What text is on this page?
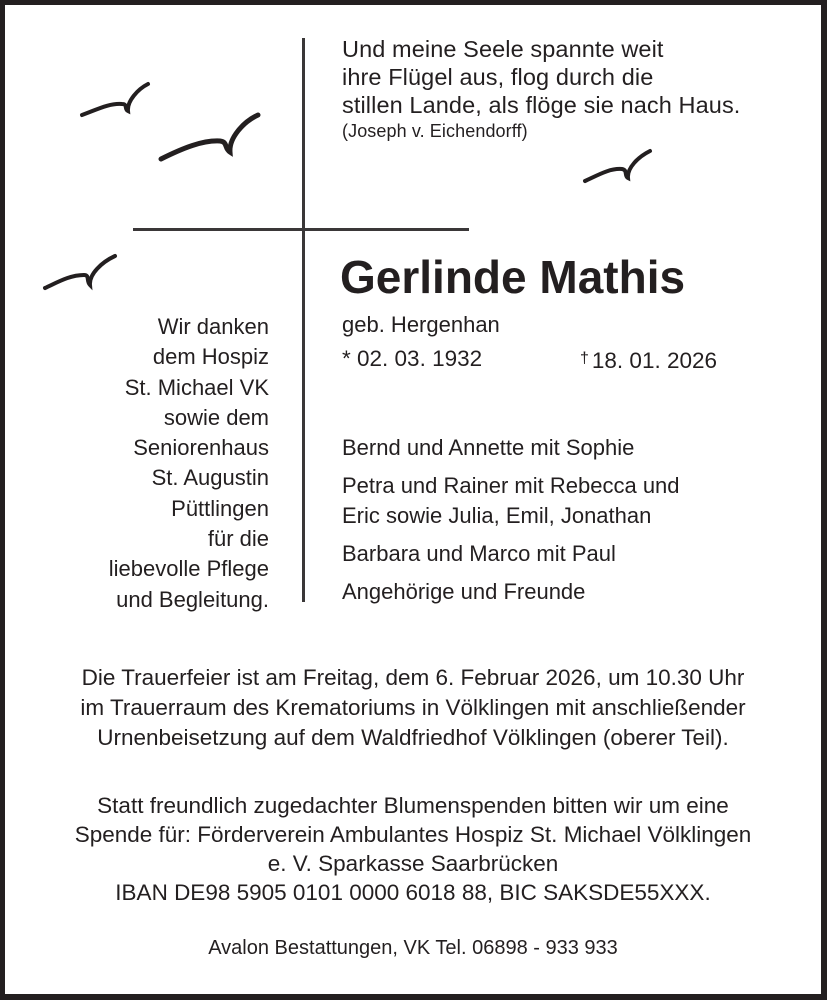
Und meine Seele spannte weit
ihre Flügel aus, flog durch die
stillen Lande, als flöge sie nach Haus.
(Joseph v. Eichendorff)
Gerlinde Mathis
geb. Hergenhan
* 02. 03. 1932	† 18. 01. 2026
Wir danken
dem Hospiz
St. Michael VK
sowie dem
Seniorenhaus
St. Augustin
Püttlingen
für die
liebevolle Pflege
und Begleitung.
Bernd und Annette mit Sophie
Petra und Rainer mit Rebecca und
Eric sowie Julia, Emil, Jonathan
Barbara und Marco mit Paul
Angehörige und Freunde
Die Trauerfeier ist am Freitag, dem 6. Februar 2026, um 10.30 Uhr
im Trauerraum des Krematoriums in Völklingen mit anschließender
Urnenbeisetzung auf dem Waldfriedhof Völklingen (oberer Teil).
Statt freundlich zugedachter Blumenspenden bitten wir um eine
Spende für: Förderverein Ambulantes Hospiz St. Michael Völklingen
e. V. Sparkasse Saarbrücken
IBAN DE98 5905 0101 0000 6018 88, BIC SAKSDE55XXX.
Avalon Bestattungen, VK Tel. 06898 - 933 933
